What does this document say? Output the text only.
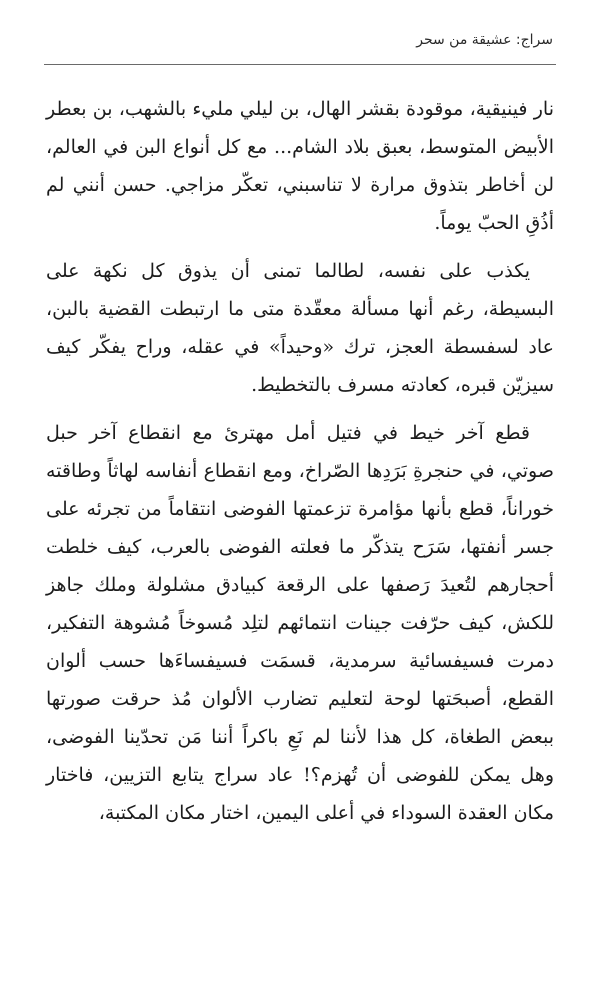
سراج: عشيقة من سحر

نار فينيقية، موقودة بقشر الهال، بن ليلي مليء بالشهب، بن بعطر الأبيض المتوسط، بعبق بلاد الشام... مع كل أنواع البن في العالم، لن أخاطر بتذوق مرارة لا تناسبني، تعكّر مزاجي. حسن أنني لم أذُقِ الحبّ يوماً.

يكذب على نفسه، لطالما تمنى أن يذوق كل نكهة على البسيطة، رغم أنها مسألة معقّدة متى ما ارتبطت القضية بالبن، عاد لسفسطة العجز، ترك «وحيداً» في عقله، وراح يفكّر كيف سيزيّن قبره، كعادته مسرف بالتخطيط.

قطع آخر خيط في فتيل أمل مهترئ مع انقطاع آخر حبل صوتي، في حنجرةِ بَرَدِها الصّراخ، ومع انقطاع أنفاسه لهاثاً وطاقته خوراناً، قطع بأنها مؤامرة تزعمتها الفوضى انتقاماً من تجرئه على جسر أنفتها، سَرَح يتذكّر ما فعلته الفوضى بالعرب، كيف خلطت أحجارهم لتُعيدَ رَصفها على الرقعة كبيادق مشلولة وملك جاهز للكش، كيف حرّفت جينات انتمائهم لتلِد مُسوخاً مُشوهة التفكير، دمرت فسيفسائية سرمدية، قسمَت فسيفساءَها حسب ألوان القطع، أصبحَتها لوحة لتعليم تضارب الألوان مُذ حرقت صورتها ببعض الطغاة، كل هذا لأننا لم نَعِ باكراً أننا مَن تحدّينا الفوضى، وهل يمكن للفوضى أن تُهزم؟! عاد سراج يتابع التزيين، فاختار مكان العقدة السوداء في أعلى اليمين، اختار مكان المكتبة،
